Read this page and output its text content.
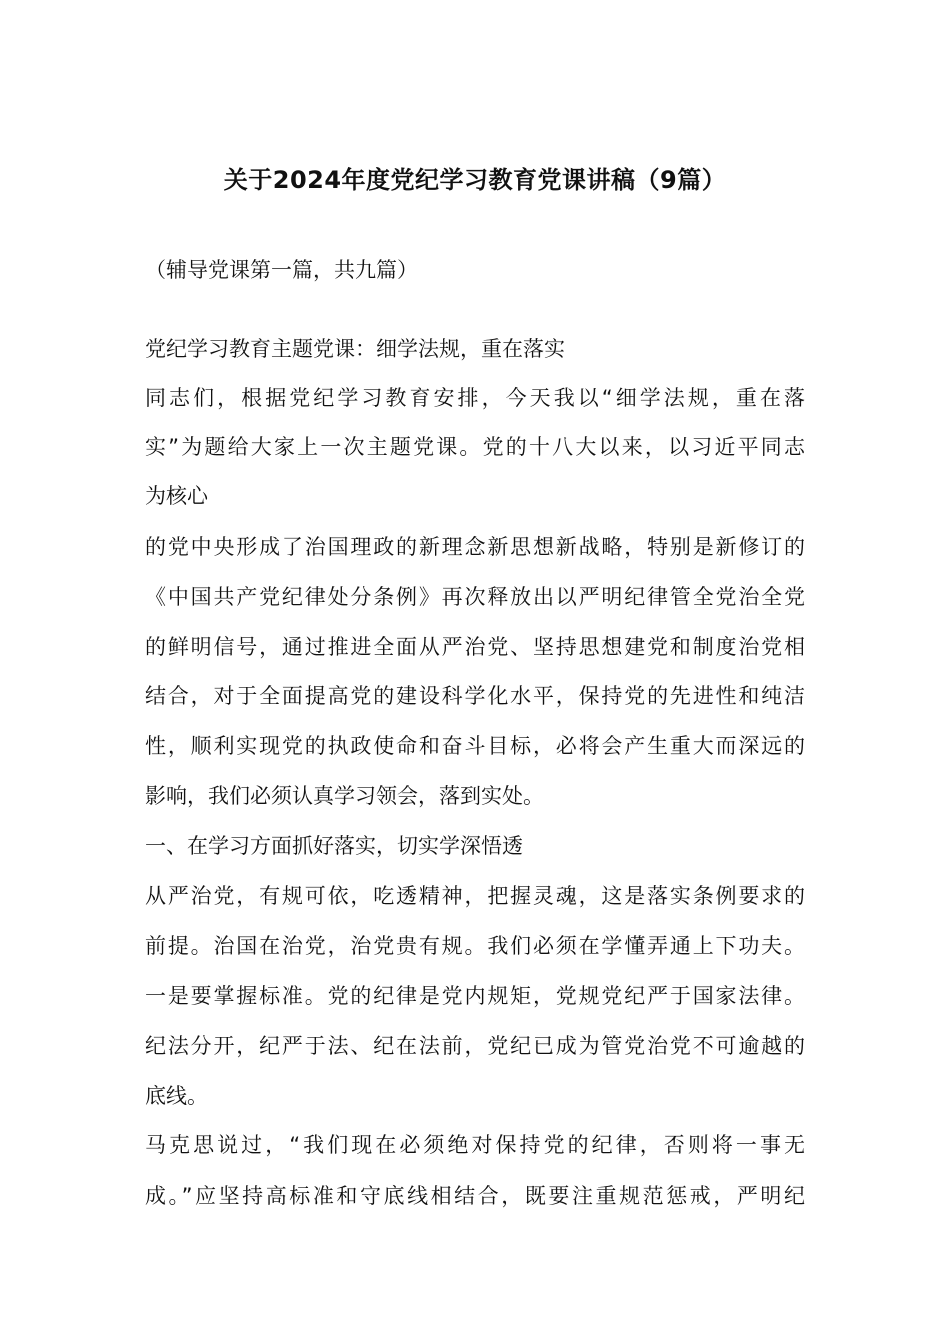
关于2024年度党纪学习教育党课讲稿（9篇）
（辅导党课第一篇，共九篇）
党纪学习教育主题党课：细学法规，重在落实
同志们，根据党纪学习教育安排，今天我以“细学法规，重在落
实”为题给大家上一次主题党课。党的十八大以来，以习近平同志
为核心
的党中央形成了治国理政的新理念新思想新战略，特别是新修订的
《中国共产党纪律处分条例》再次释放出以严明纪律管全党治全党
的鲜明信号，通过推进全面从严治党、坚持思想建党和制度治党相
结合，对于全面提高党的建设科学化水平，保持党的先进性和纯洁
性，顺利实现党的执政使命和奋斗目标，必将会产生重大而深远的
影响，我们必须认真学习领会，落到实处。
一、在学习方面抓好落实，切实学深悟透
从严治党，有规可依，吃透精神，把握灵魂，这是落实条例要求的
前提。治国在治党，治党贵有规。我们必须在学懂弄通上下功夫。
一是要掌握标准。党的纪律是党内规矩，党规党纪严于国家法律。
纪法分开，纪严于法、纪在法前，党纪已成为管党治党不可逾越的
底线。
马克思说过，“我们现在必须绝对保持党的纪律，否则将一事无
成。”应坚持高标准和守底线相结合，既要注重规范惩戒，严明纪
